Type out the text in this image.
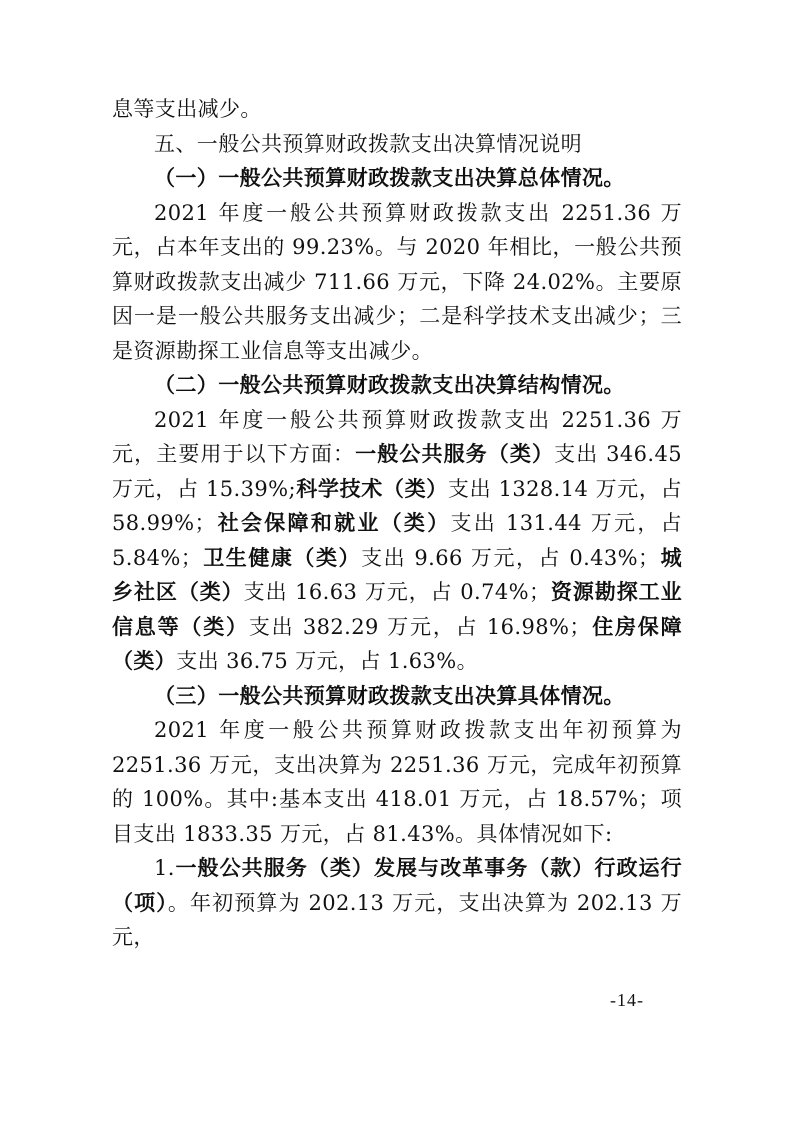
息等支出减少。

五、一般公共预算财政拨款支出决算情况说明

（一）一般公共预算财政拨款支出决算总体情况。

2021 年度一般公共预算财政拨款支出 2251.36 万元，占本年支出的 99.23%。与 2020 年相比，一般公共预算财政拨款支出减少 711.66 万元，下降 24.02%。主要原因一是一般公共服务支出减少；二是科学技术支出减少；三是资源勘探工业信息等支出减少。

（二）一般公共预算财政拨款支出决算结构情况。

2021 年度一般公共预算财政拨款支出 2251.36 万元，主要用于以下方面：一般公共服务（类）支出 346.45 万元，占 15.39%;科学技术（类）支出 1328.14 万元，占 58.99%；社会保障和就业（类）支出 131.44 万元，占 5.84%；卫生健康（类）支出 9.66 万元，占 0.43%；城乡社区（类）支出 16.63 万元，占 0.74%；资源勘探工业信息等（类）支出 382.29 万元，占 16.98%；住房保障（类）支出 36.75 万元，占 1.63%。

（三）一般公共预算财政拨款支出决算具体情况。

2021 年度一般公共预算财政拨款支出年初预算为 2251.36 万元，支出决算为 2251.36 万元，完成年初预算的 100%。其中:基本支出 418.01 万元，占 18.57%；项目支出 1833.35 万元，占 81.43%。具体情况如下:

1.一般公共服务（类）发展与改革事务（款）行政运行（项）。年初预算为 202.13 万元，支出决算为 202.13 万元，

-14-
